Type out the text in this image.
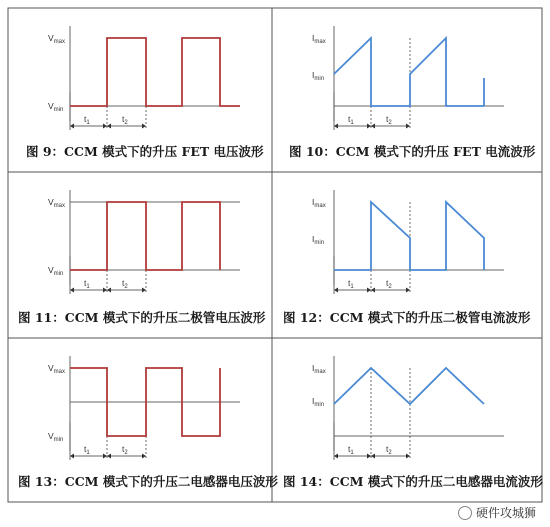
$V_{max}$
$V_{min}$
$t_1$	$t_2$
$I_{max}$
$I_{min}$
$t_1$	$t_2$
$V_{max}$
$V_{min}$
$t_1$	$t_2$
$I_{max}$
$I_{min}$
$t_1$	$t_2$
$V_{max}$
$V_{min}$
$t_1$	$t_2$
$I_{max}$
$I_{min}$
$t_1$	$t_2$
图 9：CCM 模式下的升压 FET 电压波形 图 10：CCM 模式下的升压 FET 电流波形
图 11：CCM 模式下的升压二极管电压波形 图 12：CCM 模式下的升压二极管电流波形
图 13：CCM 模式下的升压二电感器电压波形 图 14：CCM 模式下的升压二电感器电流波形
硬件攻城狮
